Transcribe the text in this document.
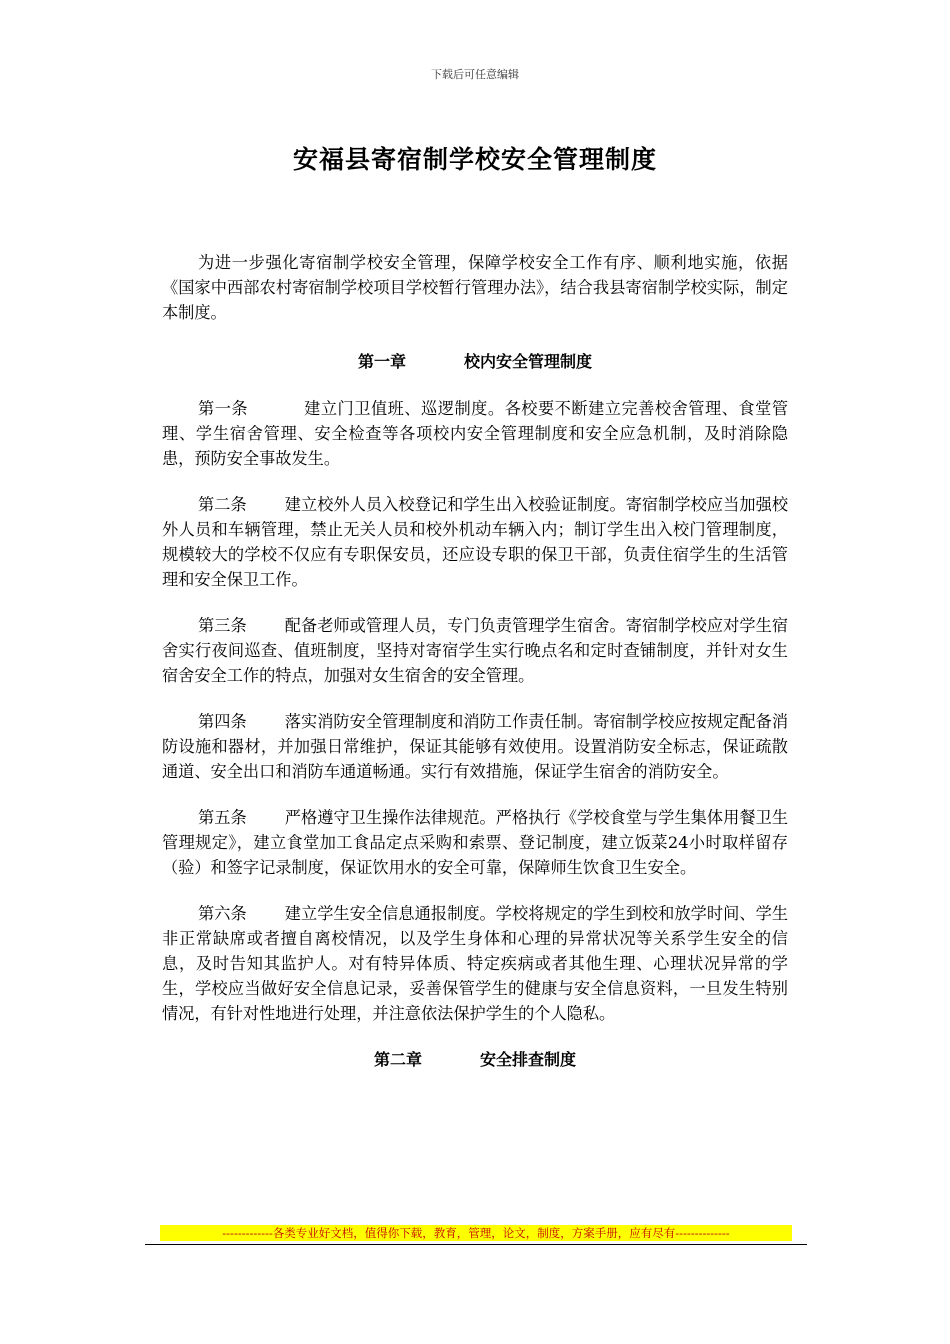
下载后可任意编辑
安福县寄宿制学校安全管理制度

为进一步强化寄宿制学校安全管理，保障学校安全工作有序、顺利地实施，依据《国家中西部农村寄宿制学校项目学校暂行管理办法》，结合我县寄宿制学校实际，制定本制度。

第一章	校内安全管理制度

第一条	建立门卫值班、巡逻制度。各校要不断建立完善校舍管理、食堂管理、学生宿舍管理、安全检查等各项校内安全管理制度和安全应急机制，及时消除隐患，预防安全事故发生。

第二条 建立校外人员入校登记和学生出入校验证制度。寄宿制学校应当加强校外人员和车辆管理，禁止无关人员和校外机动车辆入内；制订学生出入校门管理制度，规模较大的学校不仅应有专职保安员，还应设专职的保卫干部，负责住宿学生的生活管理和安全保卫工作。

第三条 配备老师或管理人员，专门负责管理学生宿舍。寄宿制学校应对学生宿舍实行夜间巡查、值班制度，坚持对寄宿学生实行晚点名和定时查铺制度，并针对女生宿舍安全工作的特点，加强对女生宿舍的安全管理。

第四条 落实消防安全管理制度和消防工作责任制。寄宿制学校应按规定配备消防设施和器材，并加强日常维护，保证其能够有效使用。设置消防安全标志，保证疏散通道、安全出口和消防车通道畅通。实行有效措施，保证学生宿舍的消防安全。

第五条 严格遵守卫生操作法律规范。严格执行《学校食堂与学生集体用餐卫生管理规定》，建立食堂加工食品定点采购和索票、登记制度，建立饭菜24小时取样留存（验）和签字记录制度，保证饮用水的安全可靠，保障师生饮食卫生安全。

第六条 建立学生安全信息通报制度。学校将规定的学生到校和放学时间、学生非正常缺席或者擅自离校情况，以及学生身体和心理的异常状况等关系学生安全的信息，及时告知其监护人。对有特异体质、特定疾病或者其他生理、心理状况异常的学生，学校应当做好安全信息记录，妥善保管学生的健康与安全信息资料，一旦发生特别情况，有针对性地进行处理，并注意依法保护学生的个人隐私。

第二章	安全排查制度
-------------各类专业好文档，值得你下载，教育，管理，论文，制度，方案手册，应有尽有--------------
